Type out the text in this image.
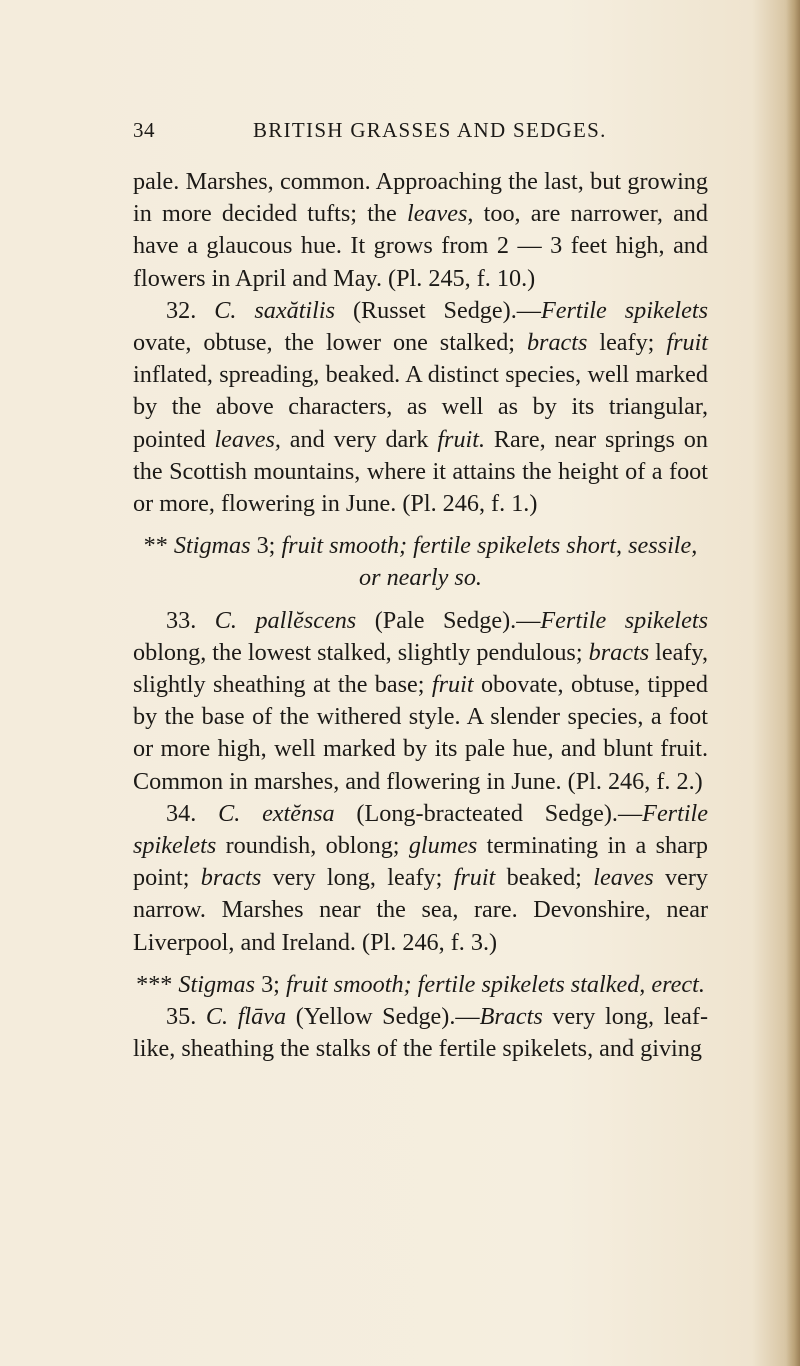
34	BRITISH GRASSES AND SEDGES.

pale. Marshes, common. Approaching the last, but growing in more decided tufts; the leaves, too, are narrower, and have a glaucous hue. It grows from 2 — 3 feet high, and flowers in April and May. (Pl. 245, f. 10.)

32. C. saxătilis (Russet Sedge).—Fertile spikelets ovate, obtuse, the lower one stalked; bracts leafy; fruit inflated, spreading, beaked. A distinct species, well marked by the above characters, as well as by its triangular, pointed leaves, and very dark fruit. Rare, near springs on the Scottish mountains, where it attains the height of a foot or more, flowering in June. (Pl. 246, f. 1.)

** Stigmas 3; fruit smooth; fertile spikelets short, sessile, or nearly so.

33. C. pallĕscens (Pale Sedge).—Fertile spikelets oblong, the lowest stalked, slightly pendulous; bracts leafy, slightly sheathing at the base; fruit obovate, obtuse, tipped by the base of the withered style. A slender species, a foot or more high, well marked by its pale hue, and blunt fruit. Common in marshes, and flowering in June. (Pl. 246, f. 2.)

34. C. extĕnsa (Long-bracteated Sedge).—Fertile spikelets roundish, oblong; glumes terminating in a sharp point; bracts very long, leafy; fruit beaked; leaves very narrow. Marshes near the sea, rare. Devonshire, near Liverpool, and Ireland. (Pl. 246, f. 3.)

*** Stigmas 3; fruit smooth; fertile spikelets stalked, erect.

35. C. flāva (Yellow Sedge).—Bracts very long, leaf-like, sheathing the stalks of the fertile spikelets, and giving
